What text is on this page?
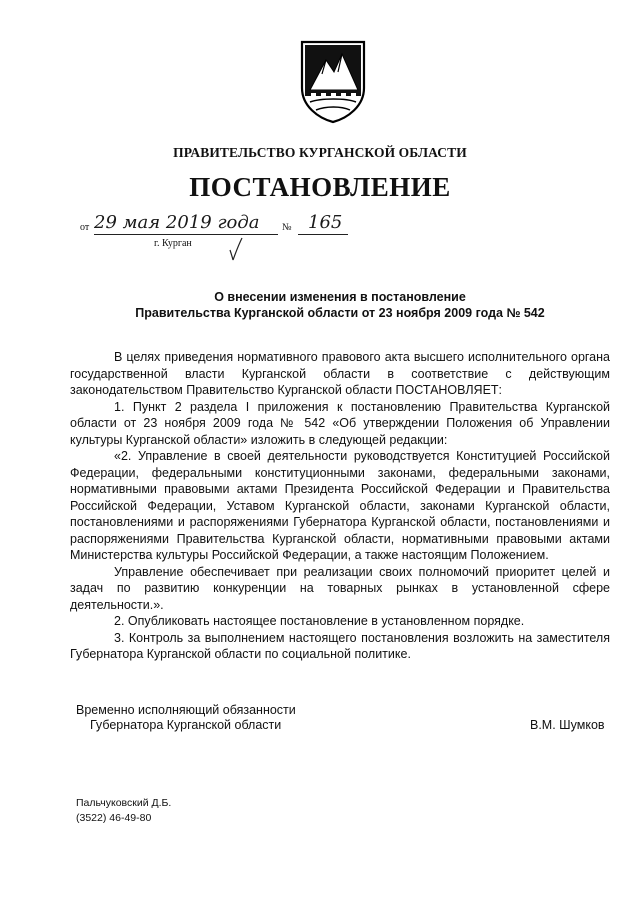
ПРАВИТЕЛЬСТВО КУРГАНСКОЙ ОБЛАСТИ
ПОСТАНОВЛЕНИЕ
от 29 мая 2019 года № 165
г. Курган
О внесении изменения в постановление
Правительства Курганской области от 23 ноября 2009 года № 542

В целях приведения нормативного правового акта высшего исполнительного органа государственной власти Курганской области в соответствие с действующим законодательством Правительство Курганской области ПОСТАНОВЛЯЕТ:

1. Пункт 2 раздела I приложения к постановлению Правительства Курганской области от 23 ноября 2009 года № 542 «Об утверждении Положения об Управлении культуры Курганской области» изложить в следующей редакции:

«2. Управление в своей деятельности руководствуется Конституцией Российской Федерации, федеральными конституционными законами, федеральными законами, нормативными правовыми актами Президента Российской Федерации и Правительства Российской Федерации, Уставом Курганской области, законами Курганской области, постановлениями и распоряжениями Губернатора Курганской области, постановлениями и распоряжениями Правительства Курганской области, нормативными правовыми актами Министерства культуры Российской Федерации, а также настоящим Положением.

Управление обеспечивает при реализации своих полномочий приоритет целей и задач по развитию конкуренции на товарных рынках в установленной сфере деятельности.».

2. Опубликовать настоящее постановление в установленном порядке.

3. Контроль за выполнением настоящего постановления возложить на заместителя Губернатора Курганской области по социальной политике.

Временно исполняющий обязанности
Губернатора Курганской области	В.М. Шумков
Пальчуковский Д.Б.
(3522) 46-49-80
